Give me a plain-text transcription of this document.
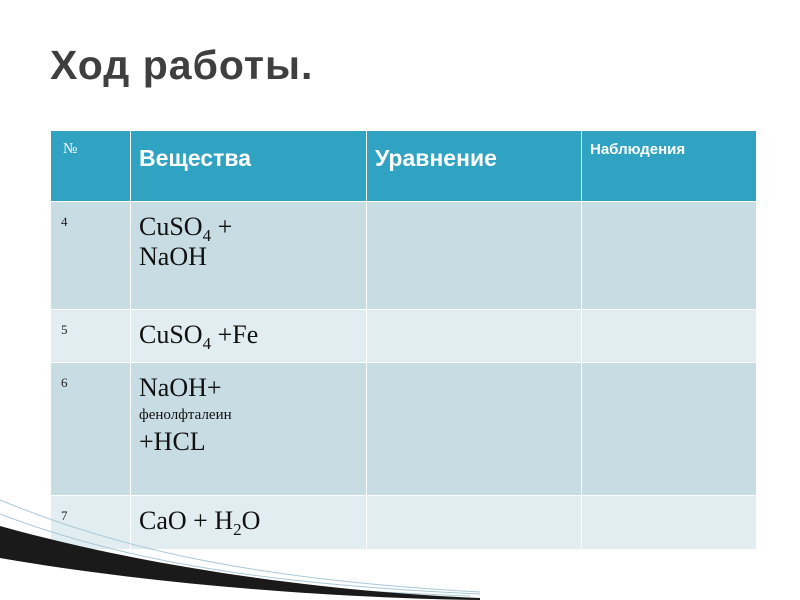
Ход работы.
№	Вещества	Уравнение	Наблюдения
4	CuSO$_4$ +
NaOH		

5	CuSO$_4$ +Fe		

6	NaOH+
фенолфталеин
+HCL		

7	CaO + $H_2O$		
